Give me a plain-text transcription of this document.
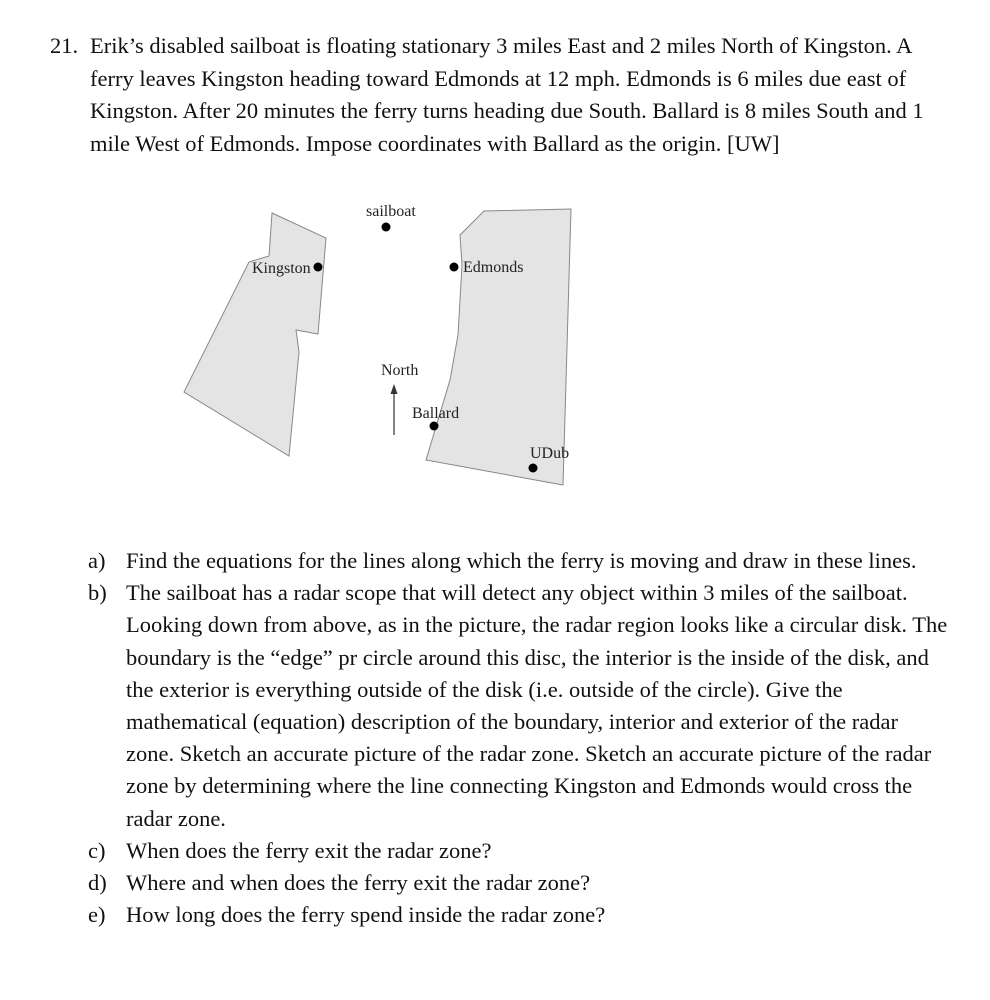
21. Erik’s disabled sailboat is floating stationary 3 miles East and 2 miles North of Kingston. A ferry leaves Kingston heading toward Edmonds at 12 mph. Edmonds is 6 miles due east of Kingston. After 20 minutes the ferry turns heading due South. Ballard is 8 miles South and 1 mile West of Edmonds. Impose coordinates with Ballard as the origin. [UW]
sailboat
Kingston	Edmonds
North
Ballard
UDub
a) Find the equations for the lines along which the ferry is moving and draw in these lines.
b) The sailboat has a radar scope that will detect any object within 3 miles of the sailboat. Looking down from above, as in the picture, the radar region looks like a circular disk. The boundary is the “edge” pr circle around this disc, the interior is the inside of the disk, and the exterior is everything outside of the disk (i.e. outside of the circle). Give the mathematical (equation) description of the boundary, interior and exterior of the radar zone. Sketch an accurate picture of the radar zone. Sketch an accurate picture of the radar zone by determining where the line connecting Kingston and Edmonds would cross the radar zone.
c) When does the ferry exit the radar zone?
d) Where and when does the ferry exit the radar zone?
e) How long does the ferry spend inside the radar zone?
